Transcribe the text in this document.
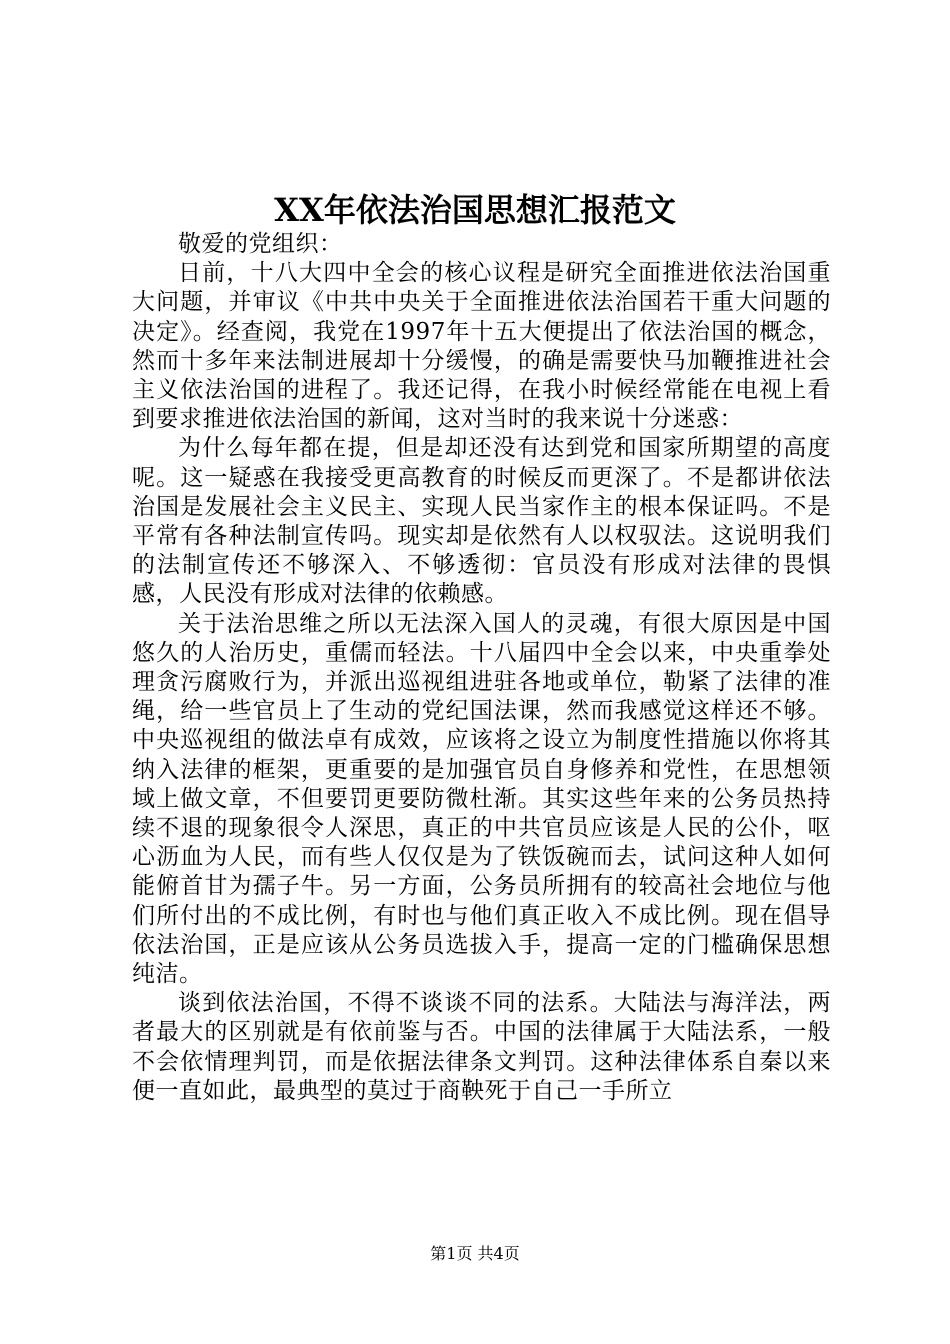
XX年依法治国思想汇报范文

敬爱的党组织：

日前，十八大四中全会的核心议程是研究全面推进依法治国重大问题，并审议《中共中央关于全面推进依法治国若干重大问题的决定》。经查阅，我党在1997年十五大便提出了依法治国的概念，然而十多年来法制进展却十分缓慢，的确是需要快马加鞭推进社会主义依法治国的进程了。我还记得，在我小时候经常能在电视上看到要求推进依法治国的新闻，这对当时的我来说十分迷惑：

为什么每年都在提，但是却还没有达到党和国家所期望的高度呢。这一疑惑在我接受更高教育的时候反而更深了。不是都讲依法治国是发展社会主义民主、实现人民当家作主的根本保证吗。不是平常有各种法制宣传吗。现实却是依然有人以权驭法。这说明我们的法制宣传还不够深入、不够透彻：官员没有形成对法律的畏惧感，人民没有形成对法律的依赖感。

关于法治思维之所以无法深入国人的灵魂，有很大原因是中国悠久的人治历史，重儒而轻法。十八届四中全会以来，中央重拳处理贪污腐败行为，并派出巡视组进驻各地或单位，勒紧了法律的准绳，给一些官员上了生动的党纪国法课，然而我感觉这样还不够。中央巡视组的做法卓有成效，应该将之设立为制度性措施以你将其纳入法律的框架，更重要的是加强官员自身修养和党性，在思想领域上做文章，不但要罚更要防微杜渐。其实这些年来的公务员热持续不退的现象很令人深思，真正的中共官员应该是人民的公仆，呕心沥血为人民，而有些人仅仅是为了铁饭碗而去，试问这种人如何能俯首甘为孺子牛。另一方面，公务员所拥有的较高社会地位与他们所付出的不成比例，有时也与他们真正收入不成比例。现在倡导依法治国，正是应该从公务员选拔入手，提高一定的门槛确保思想纯洁。

谈到依法治国，不得不谈谈不同的法系。大陆法与海洋法，两者最大的区别就是有依前鉴与否。中国的法律属于大陆法系，一般不会依情理判罚，而是依据法律条文判罚。这种法律体系自秦以来便一直如此，最典型的莫过于商鞅死于自己一手所立

第1页 共4页
